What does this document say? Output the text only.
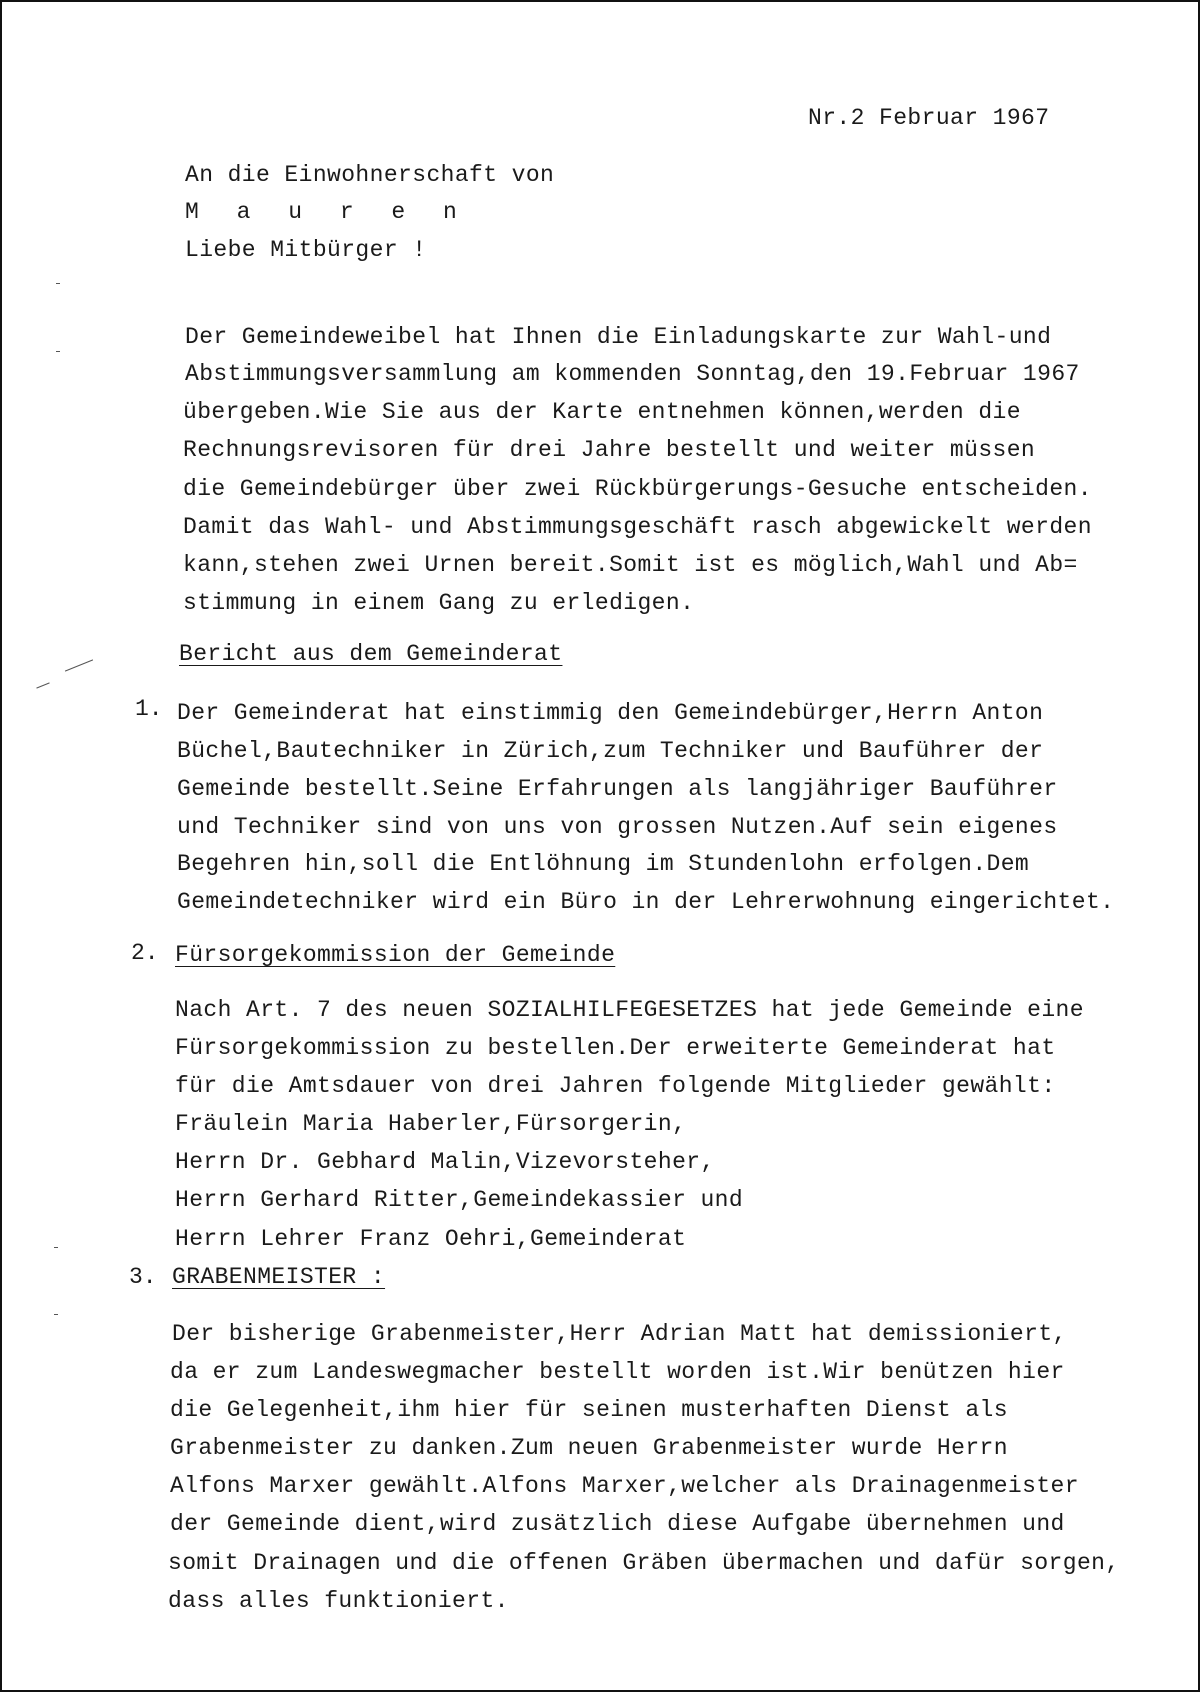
Nr.2 Februar 1967
An die Einwohnerschaft von
M a u r e n
Liebe Mitbürger !
Der Gemeindeweibel hat Ihnen die Einladungskarte zur Wahl-und
Abstimmungsversammlung am kommenden Sonntag,den 19.Februar 1967
übergeben.Wie Sie aus der Karte entnehmen können,werden die
Rechnungsrevisoren für drei Jahre bestellt und weiter müssen
die Gemeindebürger über zwei Rückbürgerungs-Gesuche entscheiden.
Damit das Wahl- und Abstimmungsgeschäft rasch abgewickelt werden
kann,stehen zwei Urnen bereit.Somit ist es möglich,Wahl und Ab=
stimmung in einem Gang zu erledigen.
Bericht aus dem Gemeinderat
1. Der Gemeinderat hat einstimmig den Gemeindebürger,Herrn Anton
Büchel,Bautechniker in Zürich,zum Techniker und Bauführer der
Gemeinde bestellt.Seine Erfahrungen als langjähriger Bauführer
und Techniker sind von uns von grossen Nutzen.Auf sein eigenes
Begehren hin,soll die Entlöhnung im Stundenlohn erfolgen.Dem
Gemeindetechniker wird ein Büro in der Lehrerwohnung eingerichtet.
2. Fürsorgekommission der Gemeinde
Nach Art. 7 des neuen SOZIALHILFEGESETZES hat jede Gemeinde eine
Fürsorgekommission zu bestellen.Der erweiterte Gemeinderat hat
für die Amtsdauer von drei Jahren folgende Mitglieder gewählt:
Fräulein Maria Haberler,Fürsorgerin,
Herrn Dr. Gebhard Malin,Vizevorsteher,
Herrn Gerhard Ritter,Gemeindekassier und
Herrn Lehrer Franz Oehri,Gemeinderat
3. GRABENMEISTER :
Der bisherige Grabenmeister,Herr Adrian Matt hat demissioniert,
da er zum Landeswegmacher bestellt worden ist.Wir benützen hier
die Gelegenheit,ihm hier für seinen musterhaften Dienst als
Grabenmeister zu danken.Zum neuen Grabenmeister wurde Herrn
Alfons Marxer gewählt.Alfons Marxer,welcher als Drainagenmeister
der Gemeinde dient,wird zusätzlich diese Aufgabe übernehmen und
somit Drainagen und die offenen Gräben übermachen und dafür sorgen,
dass alles funktioniert.
